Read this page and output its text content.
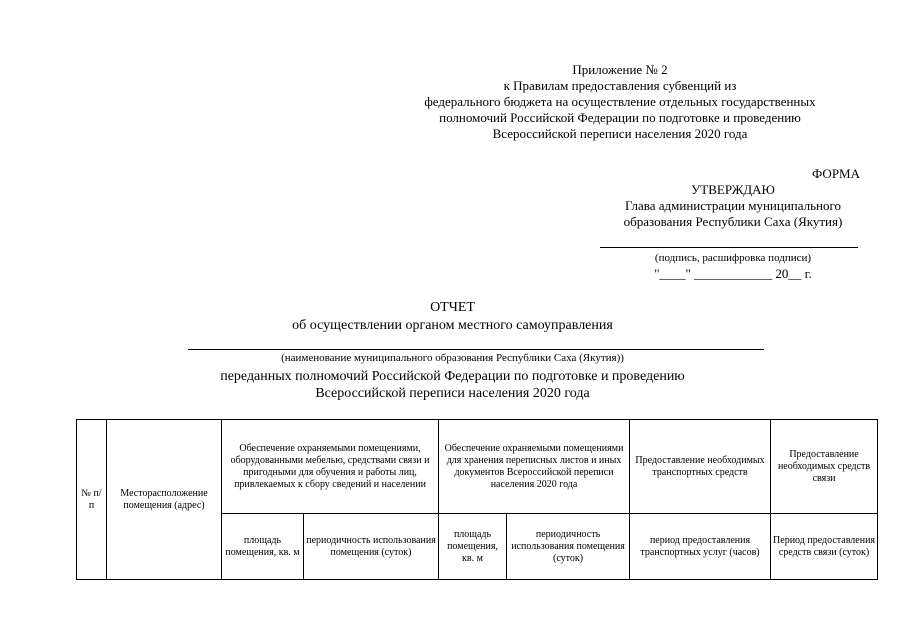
Приложение № 2
к Правилам предоставления субвенций из
федерального бюджета на осуществление отдельных государственных
полномочий Российской Федерации по подготовке и проведению
Всероссийской переписи населения 2020 года
ФОРМА
УТВЕРЖДАЮ
Глава администрации муниципального
образования Республики Саха (Якутия)
(подпись, расшифровка подписи)
"____" ____________ 20__ г.
ОТЧЕТ
об осуществлении органом местного самоуправления
(наименование муниципального образования Республики Саха (Якутия))
переданных полномочий Российской Федерации по подготовке и проведению
Всероссийской переписи населения 2020 года
№ п/п	Месторасположение помещения (адрес)	Обеспечение охраняемыми помещениями, оборудованными мебелью, средствами связи и пригодными для обучения и работы лиц, привлекаемых к сбору сведений и населении		Обеспечение охраняемыми помещениями для хранения переписных листов и иных документов Всероссийской переписи населения 2020 года		Предоставление необходимых транспортных средств	Предоставление необходимых средств связи
		площадь помещения, кв. м	периодичность использования помещения (суток)	площадь помещения, кв. м	периодичность использования помещения (суток)	период предоставления транспортных услуг (часов)	Период предоставления средств связи (суток)
